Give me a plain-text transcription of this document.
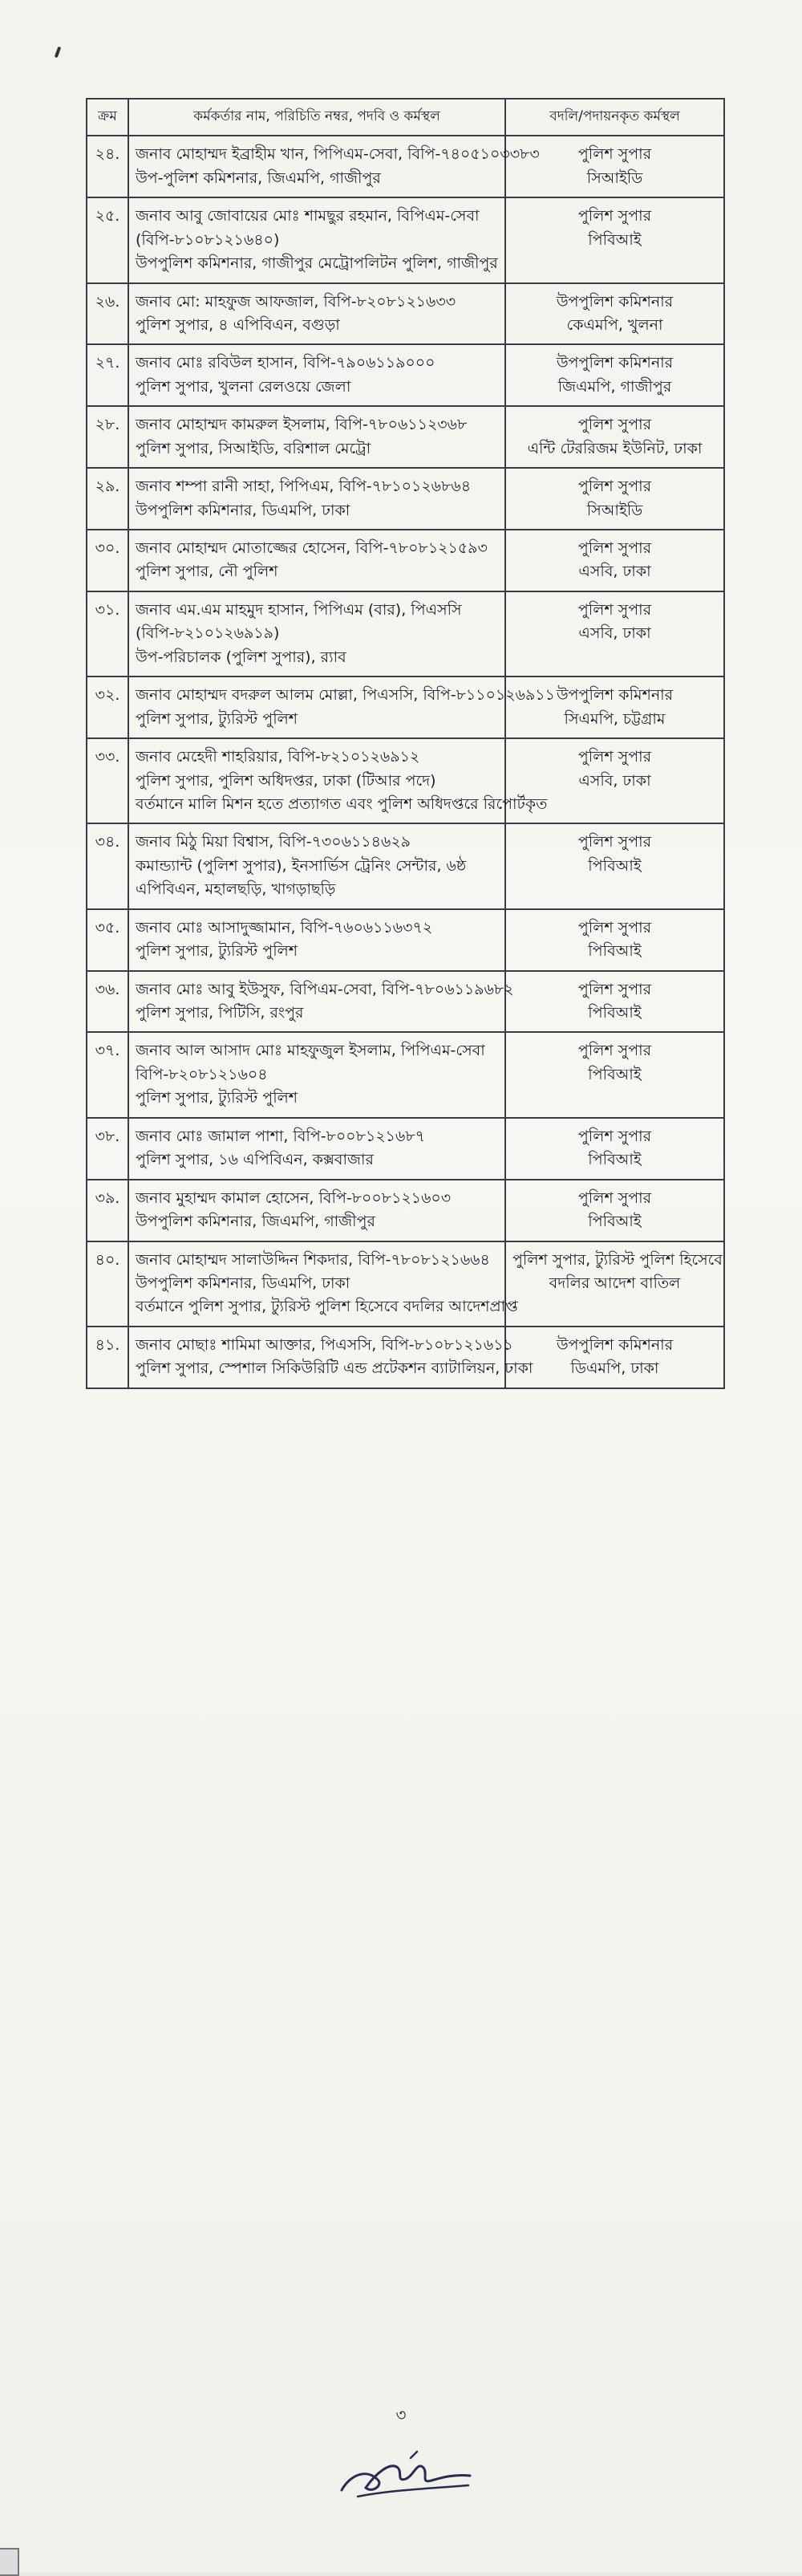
ক্রম	কর্মকর্তার নাম, পরিচিতি নম্বর, পদবি ও কর্মস্থল	বদলি/পদায়নকৃত কর্মস্থল
২৪.	জনাব মোহাম্মদ ইব্রাহীম খান, পিপিএম-সেবা, বিপি-৭৪০৫১০৩৩৮৩
উপ-পুলিশ কমিশনার, জিএমপি, গাজীপুর	পুলিশ সুপার
সিআইডি

২৫.	জনাব আবু জোবায়ের মোঃ শামছুর রহমান, বিপিএম-সেবা
(বিপি-৮১০৮১২১৬৪০)
উপপুলিশ কমিশনার, গাজীপুর মেট্রোপলিটন পুলিশ, গাজীপুর	পুলিশ সুপার
পিবিআই

২৬.	জনাব মো: মাহফুজ আফজাল, বিপি-৮২০৮১২১৬৩৩
পুলিশ সুপার, ৪ এপিবিএন, বগুড়া	উপপুলিশ কমিশনার
কেএমপি, খুলনা

২৭.	জনাব মোঃ রবিউল হাসান, বিপি-৭৯০৬১১৯০০০
পুলিশ সুপার, খুলনা রেলওয়ে জেলা	উপপুলিশ কমিশনার
জিএমপি, গাজীপুর

২৮.	জনাব মোহাম্মদ কামরুল ইসলাম, বিপি-৭৮০৬১১২৩৬৮
পুলিশ সুপার, সিআইডি, বরিশাল মেট্রো	পুলিশ সুপার
এন্টি টেররিজম ইউনিট, ঢাকা

২৯.	জনাব শম্পা রানী সাহা, পিপিএম, বিপি-৭৮১০১২৬৮৬৪
উপপুলিশ কমিশনার, ডিএমপি, ঢাকা	পুলিশ সুপার
সিআইডি

৩০.	জনাব মোহাম্মদ মোতাজ্জের হোসেন, বিপি-৭৮০৮১২১৫৯৩
পুলিশ সুপার, নৌ পুলিশ	পুলিশ সুপার
এসবি, ঢাকা

৩১.	জনাব এম.এম মাহমুদ হাসান, পিপিএম (বার), পিএসসি
(বিপি-৮২১০১২৬৯১৯)
উপ-পরিচালক (পুলিশ সুপার), র‍্যাব	পুলিশ সুপার
এসবি, ঢাকা

৩২.	জনাব মোহাম্মদ বদরুল আলম মোল্লা, পিএসসি, বিপি-৮১১০১২৬৯১১
পুলিশ সুপার, ট্যুরিস্ট পুলিশ	উপপুলিশ কমিশনার
সিএমপি, চট্টগ্রাম

৩৩.	জনাব মেহেদী শাহরিয়ার, বিপি-৮২১০১২৬৯১২
পুলিশ সুপার, পুলিশ অধিদপ্তর, ঢাকা (টিআর পদে)
বর্তমানে মালি মিশন হতে প্রত্যাগত এবং পুলিশ অধিদপ্তরে রিপোর্টকৃত	পুলিশ সুপার
এসবি, ঢাকা

৩৪.	জনাব মিঠু মিয়া বিশ্বাস, বিপি-৭৩০৬১১৪৬২৯
কমান্ড্যান্ট (পুলিশ সুপার), ইনসার্ভিস ট্রেনিং সেন্টার, ৬ষ্ঠ
এপিবিএন, মহালছড়ি, খাগড়াছড়ি	পুলিশ সুপার
পিবিআই

৩৫.	জনাব মোঃ আসাদুজ্জামান, বিপি-৭৬০৬১১৬৩৭২
পুলিশ সুপার, ট্যুরিস্ট পুলিশ	পুলিশ সুপার
পিবিআই

৩৬.	জনাব মোঃ আবু ইউসুফ, বিপিএম-সেবা, বিপি-৭৮০৬১১৯৬৮২
পুলিশ সুপার, পিটিসি, রংপুর	পুলিশ সুপার
পিবিআই

৩৭.	জনাব আল আসাদ মোঃ মাহফুজুল ইসলাম, পিপিএম-সেবা
বিপি-৮২০৮১২১৬০৪
পুলিশ সুপার, ট্যুরিস্ট পুলিশ	পুলিশ সুপার
পিবিআই

৩৮.	জনাব মোঃ জামাল পাশা, বিপি-৮০০৮১২১৬৮৭
পুলিশ সুপার, ১৬ এপিবিএন, কক্সবাজার	পুলিশ সুপার
পিবিআই

৩৯.	জনাব মুহাম্মদ কামাল হোসেন, বিপি-৮০০৮১২১৬০৩
উপপুলিশ কমিশনার, জিএমপি, গাজীপুর	পুলিশ সুপার
পিবিআই

৪০.	জনাব মোহাম্মদ সালাউদ্দিন শিকদার, বিপি-৭৮০৮১২১৬৬৪
উপপুলিশ কমিশনার, ডিএমপি, ঢাকা
বর্তমানে পুলিশ সুপার, ট্যুরিস্ট পুলিশ হিসেবে বদলির আদেশপ্রাপ্ত	পুলিশ সুপার, ট্যুরিস্ট পুলিশ হিসেবে
বদলির আদেশ বাতিল

৪১.	জনাব মোছাঃ শামিমা আক্তার, পিএসসি, বিপি-৮১০৮১২১৬১১
পুলিশ সুপার, স্পেশাল সিকিউরিটি এন্ড প্রটেকশন ব্যাটালিয়ন, ঢাকা	উপপুলিশ কমিশনার
ডিএমপি, ঢাকা
৩
